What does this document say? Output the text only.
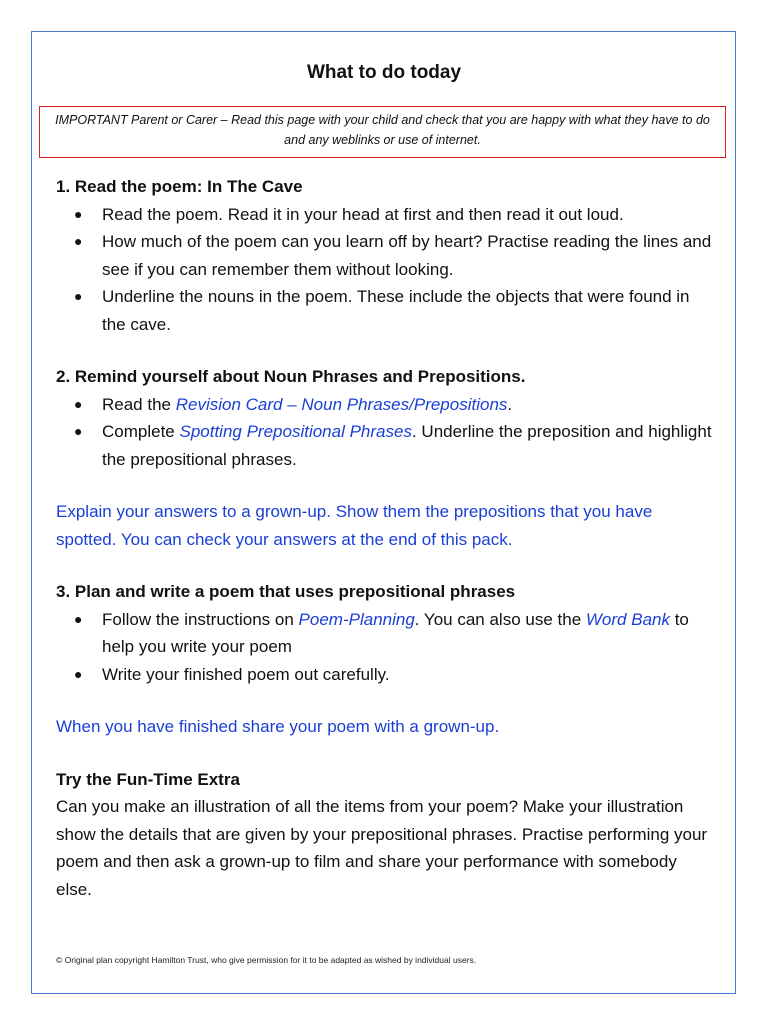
What to do today
IMPORTANT Parent or Carer – Read this page with your child and check that you are happy with what they have to do and any weblinks or use of internet.
1. Read the poem: In The Cave
● Read the poem. Read it in your head at first and then read it out loud.
● How much of the poem can you learn off by heart? Practise reading the lines and see if you can remember them without looking.
● Underline the nouns in the poem. These include the objects that were found in the cave.
2. Remind yourself about Noun Phrases and Prepositions.
● Read the Revision Card – Noun Phrases/Prepositions.
● Complete Spotting Prepositional Phrases. Underline the preposition and highlight the prepositional phrases.

Explain your answers to a grown-up. Show them the prepositions that you have spotted. You can check your answers at the end of this pack.

3. Plan and write a poem that uses prepositional phrases
● Follow the instructions on Poem-Planning. You can also use the Word Bank to help you write your poem
● Write your finished poem out carefully.

When you have finished share your poem with a grown-up.

Try the Fun-Time Extra

Can you make an illustration of all the items from your poem? Make your illustration show the details that are given by your prepositional phrases. Practise performing your poem and then ask a grown-up to film and share your performance with somebody else.

© Original plan copyright Hamilton Trust, who give permission for it to be adapted as wished by individual users.
